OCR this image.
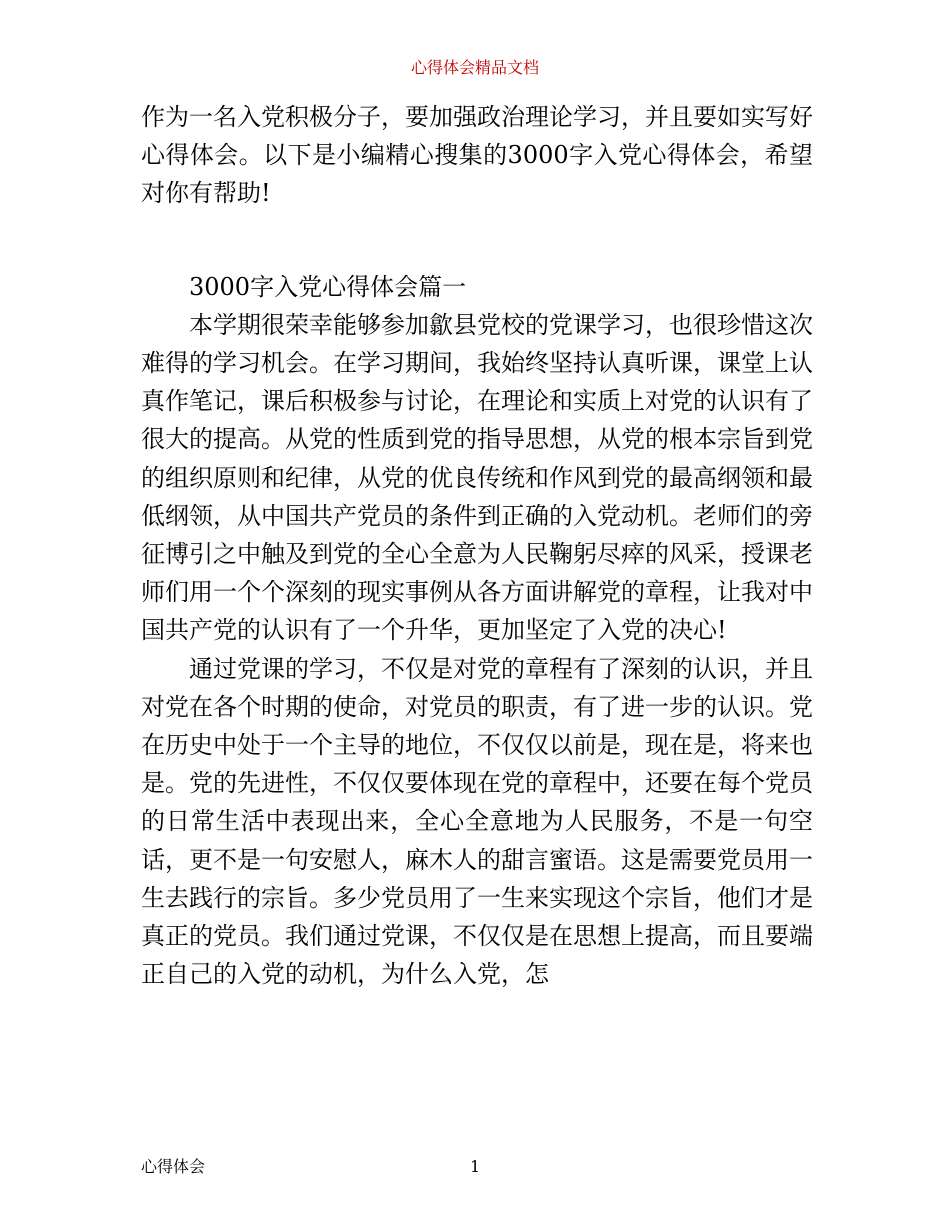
心得体会精品文档

作为一名入党积极分子，要加强政治理论学习，并且要如实写好心得体会。以下是小编精心搜集的3000字入党心得体会，希望对你有帮助!

3000字入党心得体会篇一

本学期很荣幸能够参加歙县党校的党课学习，也很珍惜这次难得的学习机会。在学习期间，我始终坚持认真听课，课堂上认真作笔记，课后积极参与讨论，在理论和实质上对党的认识有了很大的提高。从党的性质到党的指导思想，从党的根本宗旨到党的组织原则和纪律，从党的优良传统和作风到党的最高纲领和最低纲领，从中国共产党员的条件到正确的入党动机。老师们的旁征博引之中触及到党的全心全意为人民鞠躬尽瘁的风采，授课老师们用一个个深刻的现实事例从各方面讲解党的章程，让我对中国共产党的认识有了一个升华，更加坚定了入党的决心!

通过党课的学习，不仅是对党的章程有了深刻的认识，并且对党在各个时期的使命，对党员的职责，有了进一步的认识。党在历史中处于一个主导的地位，不仅仅以前是，现在是，将来也是。党的先进性，不仅仅要体现在党的章程中，还要在每个党员的日常生活中表现出来，全心全意地为人民服务，不是一句空话，更不是一句安慰人，麻木人的甜言蜜语。这是需要党员用一生去践行的宗旨。多少党员用了一生来实现这个宗旨，他们才是真正的党员。我们通过党课，不仅仅是在思想上提高，而且要端正自己的入党的动机，为什么入党，怎

心得体会	1
